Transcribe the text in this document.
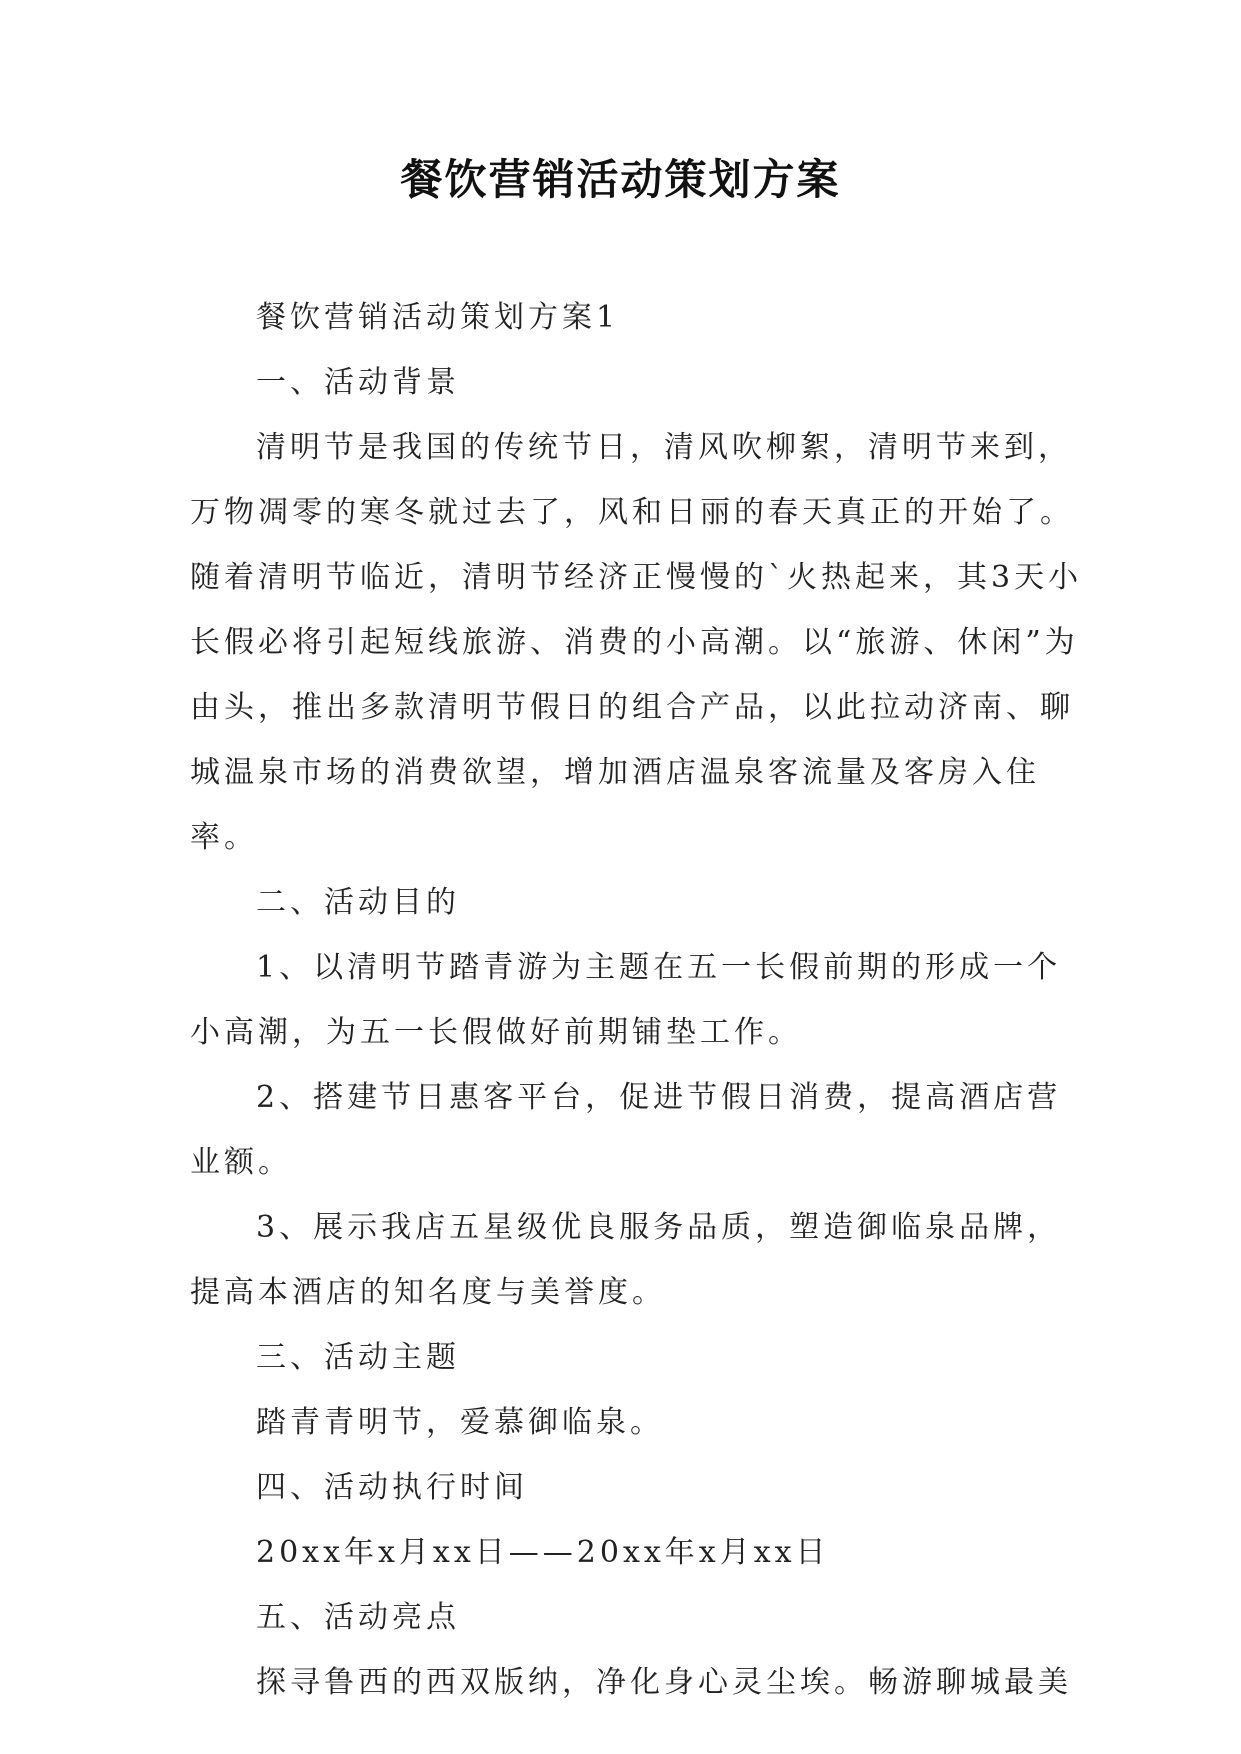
餐饮营销活动策划方案

餐饮营销活动策划方案1

一、活动背景

清明节是我国的传统节日，清风吹柳絮，清明节来到，万物凋零的寒冬就过去了，风和日丽的春天真正的开始了。随着清明节临近，清明节经济正慢慢的`火热起来，其3天小长假必将引起短线旅游、消费的小高潮。以“旅游、休闲”为由头，推出多款清明节假日的组合产品，以此拉动济南、聊城温泉市场的消费欲望，增加酒店温泉客流量及客房入住率。

二、活动目的

1、以清明节踏青游为主题在五一长假前期的形成一个小高潮，为五一长假做好前期铺垫工作。

2、搭建节日惠客平台，促进节假日消费，提高酒店营业额。

3、展示我店五星级优良服务品质，塑造御临泉品牌，提高本酒店的知名度与美誉度。

三、活动主题

踏青青明节，爱慕御临泉。

四、活动执行时间

20xx年x月xx日——20xx年x月xx日

五、活动亮点

探寻鲁西的西双版纳，净化身心灵尘埃。畅游聊城最美
